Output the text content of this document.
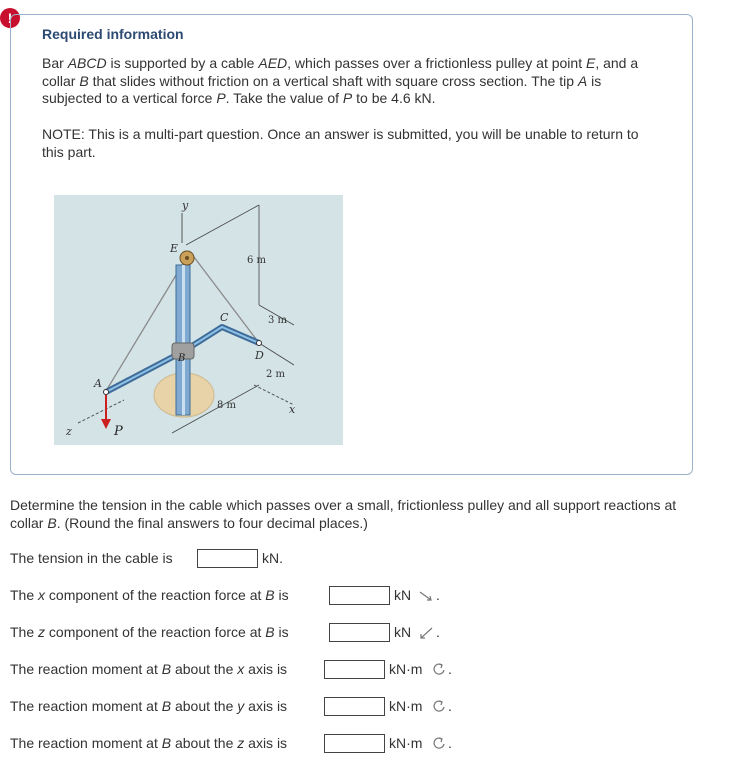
!
Required information
Bar ABCD is supported by a cable AED, which passes over a frictionless pulley at point E, and a collar B that slides without friction on a vertical shaft with square cross section. The tip A is subjected to a vertical force P. Take the value of P to be 4.6 kN.
NOTE: This is a multi-part question. Once an answer is submitted, you will be unable to return to this part.
y
E
6 m
C	3 m
B	D
2 m
A
8 m
z
x
P
Determine the tension in the cable which passes over a small, frictionless pulley and all support reactions at collar B. (Round the final answers to four decimal places.)
The tension in the cable is	kN.
The x component of the reaction force at B is	kN .
The z component of the reaction force at B is	kN .
The reaction moment at B about the x axis is	kN·m .
The reaction moment at B about the y axis is	kN·m .
The reaction moment at B about the z axis is	kN·m .
